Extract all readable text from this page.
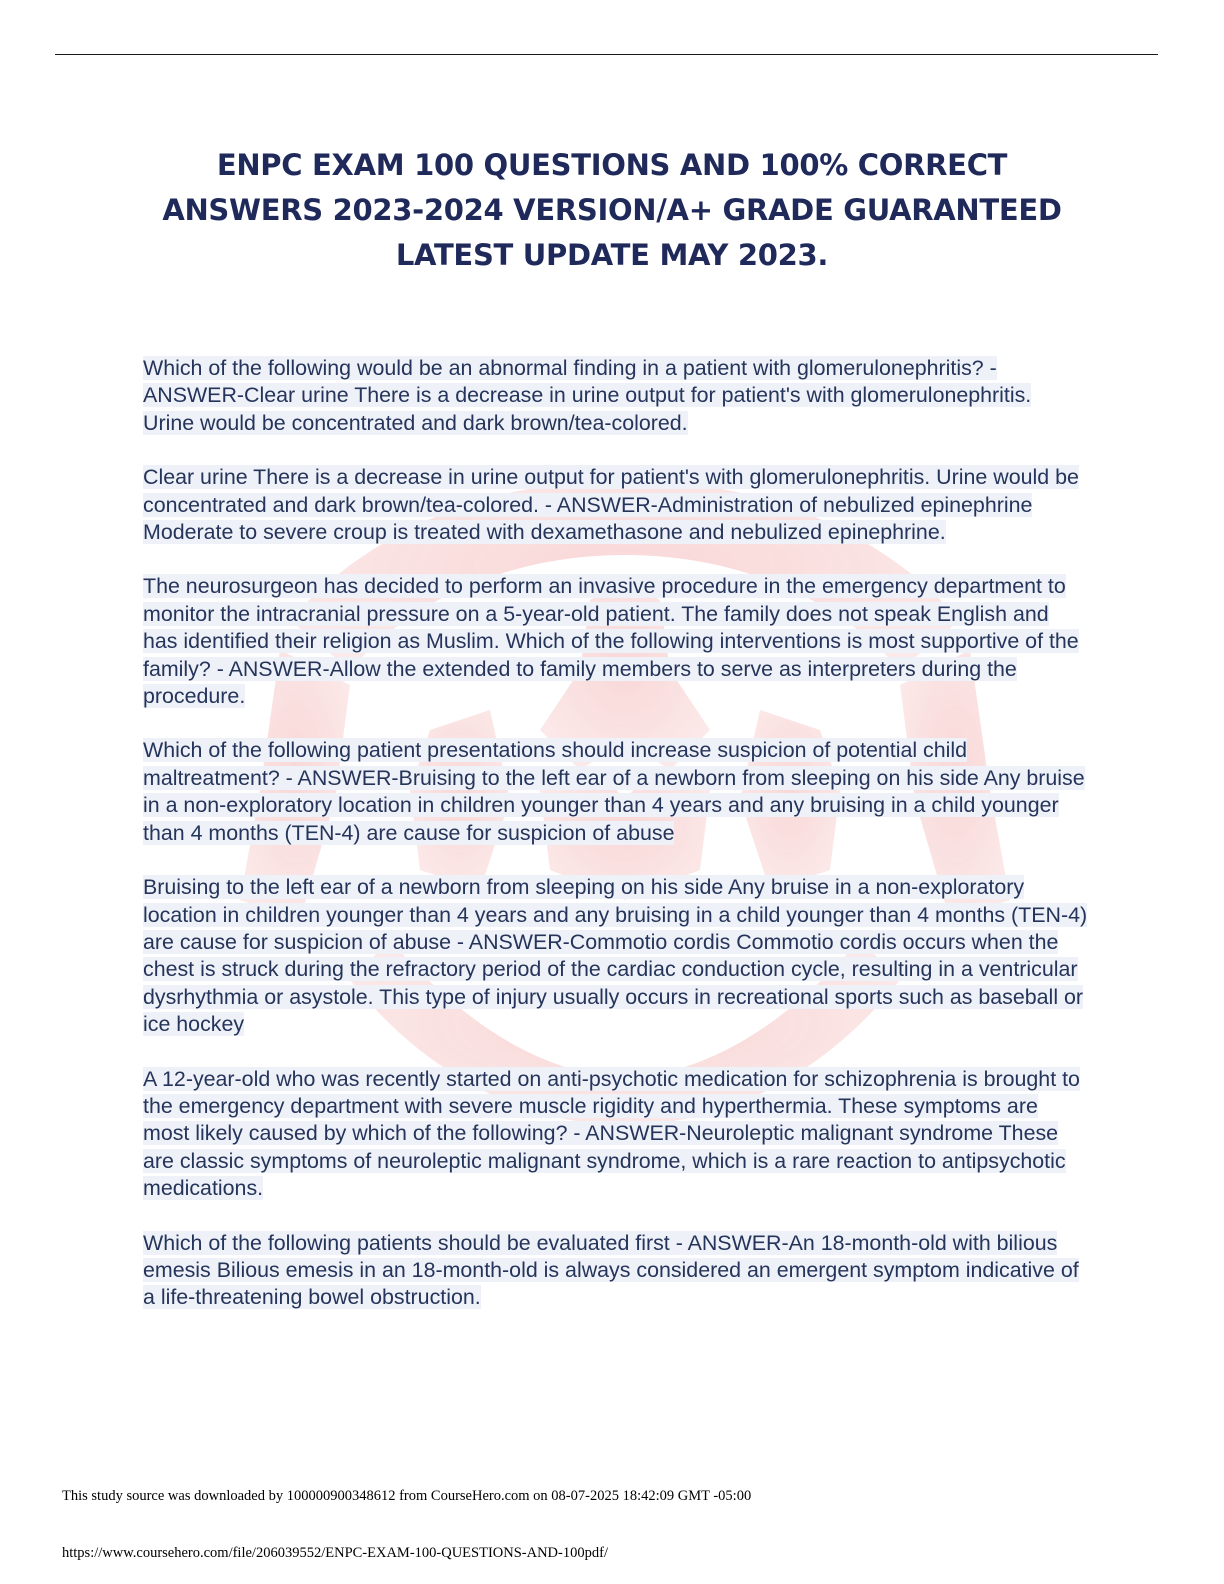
ENPC EXAM 100 QUESTIONS AND 100% CORRECT
ANSWERS 2023-2024 VERSION/A+ GRADE GUARANTEED
LATEST UPDATE MAY 2023.

Which of the following would be an abnormal finding in a patient with glomerulonephritis? - ANSWER-Clear urine There is a decrease in urine output for patient's with glomerulonephritis. Urine would be concentrated and dark brown/tea-colored.

Clear urine There is a decrease in urine output for patient's with glomerulonephritis. Urine would be concentrated and dark brown/tea-colored. - ANSWER-Administration of nebulized epinephrine Moderate to severe croup is treated with dexamethasone and nebulized epinephrine.

The neurosurgeon has decided to perform an invasive procedure in the emergency department to monitor the intracranial pressure on a 5-year-old patient. The family does not speak English and has identified their religion as Muslim. Which of the following interventions is most supportive of the family? - ANSWER-Allow the extended to family members to serve as interpreters during the procedure.

Which of the following patient presentations should increase suspicion of potential child maltreatment? - ANSWER-Bruising to the left ear of a newborn from sleeping on his side Any bruise in a non-exploratory location in children younger than 4 years and any bruising in a child younger than 4 months (TEN-4) are cause for suspicion of abuse

Bruising to the left ear of a newborn from sleeping on his side Any bruise in a non-exploratory location in children younger than 4 years and any bruising in a child younger than 4 months (TEN-4) are cause for suspicion of abuse - ANSWER-Commotio cordis Commotio cordis occurs when the chest is struck during the refractory period of the cardiac conduction cycle, resulting in a ventricular dysrhythmia or asystole. This type of injury usually occurs in recreational sports such as baseball or ice hockey

A 12-year-old who was recently started on anti-psychotic medication for schizophrenia is brought to the emergency department with severe muscle rigidity and hyperthermia. These symptoms are most likely caused by which of the following? - ANSWER-Neuroleptic malignant syndrome These are classic symptoms of neuroleptic malignant syndrome, which is a rare reaction to antipsychotic medications.

Which of the following patients should be evaluated first - ANSWER-An 18-month-old with bilious emesis Bilious emesis in an 18-month-old is always considered an emergent symptom indicative of a life-threatening bowel obstruction.

This study source was downloaded by 100000900348612 from CourseHero.com on 08-07-2025 18:42:09 GMT -05:00
https://www.coursehero.com/file/206039552/ENPC-EXAM-100-QUESTIONS-AND-100pdf/
